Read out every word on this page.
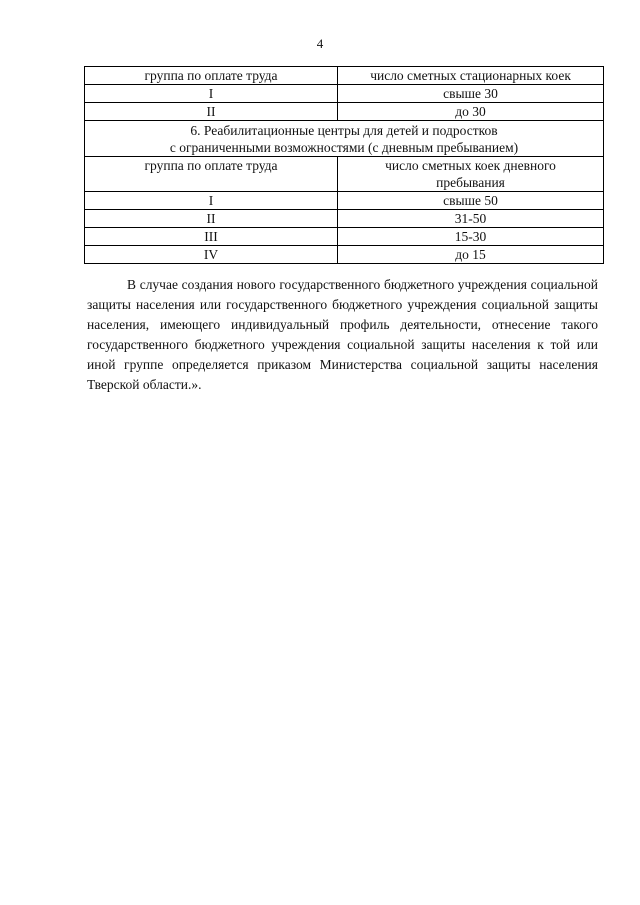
4
группа по оплате труда	число сметных стационарных коек
I	свыше 30
II	до 30

6. Реабилитационные центры для детей и подростков
с ограниченными возможностями (с дневным пребыванием)	

группа по оплате труда	число сметных коек дневного
пребывания

I	свыше 50
II	31-50
III	15-30
IV	до 15

В случае создания нового государственного бюджетного учреждения социальной защиты населения или государственного бюджетного учреждения социальной защиты населения, имеющего индивидуальный профиль деятельности, отнесение такого государственного бюджетного учреждения социальной защиты населения к той или иной группе определяется приказом Министерства социальной защиты населения Тверской области.».
